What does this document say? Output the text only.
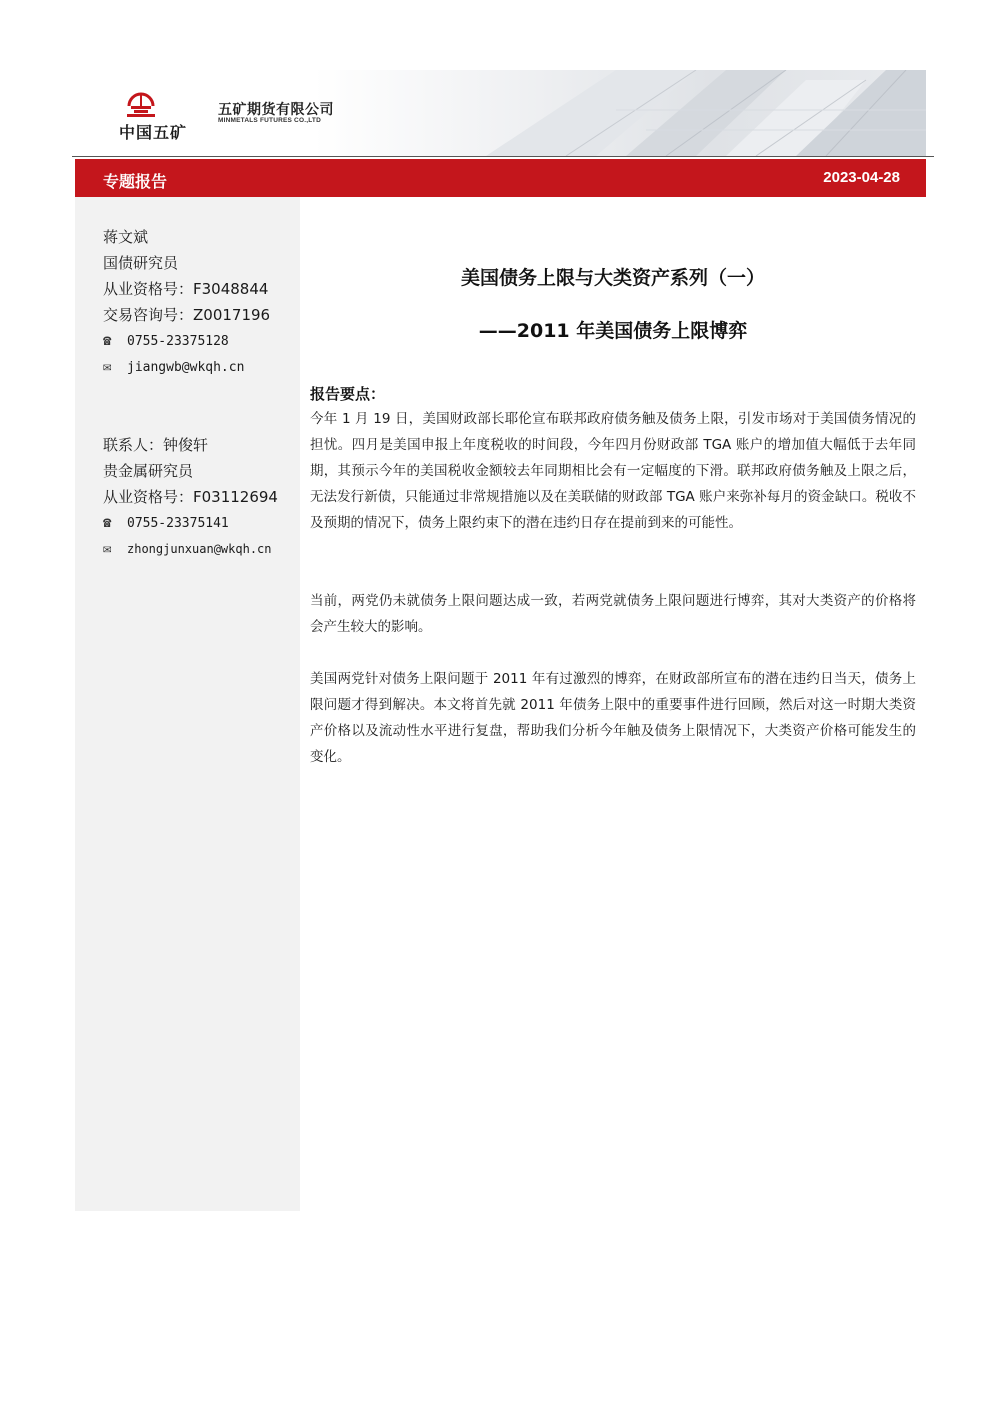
中国五矿
五矿期货有限公司
MINMETALS FUTURES CO.,LTD
专题报告	2023-04-28
蒋文斌
国债研究员
从业资格号：F3048844
交易咨询号：Z0017196
☎ 0755-23375128
✉ jiangwb@wkqh.cn
联系人：钟俊轩
贵金属研究员
从业资格号：F03112694
☎ 0755-23375141
✉ zhongjunxuan@wkqh.cn
美国债务上限与大类资产系列（一）
——2011 年美国债务上限博弈
报告要点：

今年 1 月 19 日，美国财政部长耶伦宣布联邦政府债务触及债务上限，引发市场对于美国债务情况的担忧。四月是美国申报上年度税收的时间段，今年四月份财政部 TGA 账户的增加值大幅低于去年同期，其预示今年的美国税收金额较去年同期相比会有一定幅度的下滑。联邦政府债务触及上限之后，无法发行新债，只能通过非常规措施以及在美联储的财政部 TGA 账户来弥补每月的资金缺口。税收不及预期的情况下，债务上限约束下的潜在违约日存在提前到来的可能性。

当前，两党仍未就债务上限问题达成一致，若两党就债务上限问题进行博弈，其对大类资产的价格将会产生较大的影响。

美国两党针对债务上限问题于 2011 年有过激烈的博弈，在财政部所宣布的潜在违约日当天，债务上限问题才得到解决。本文将首先就 2011 年债务上限中的重要事件进行回顾，然后对这一时期大类资产价格以及流动性水平进行复盘，帮助我们分析今年触及债务上限情况下，大类资产价格可能发生的变化。
